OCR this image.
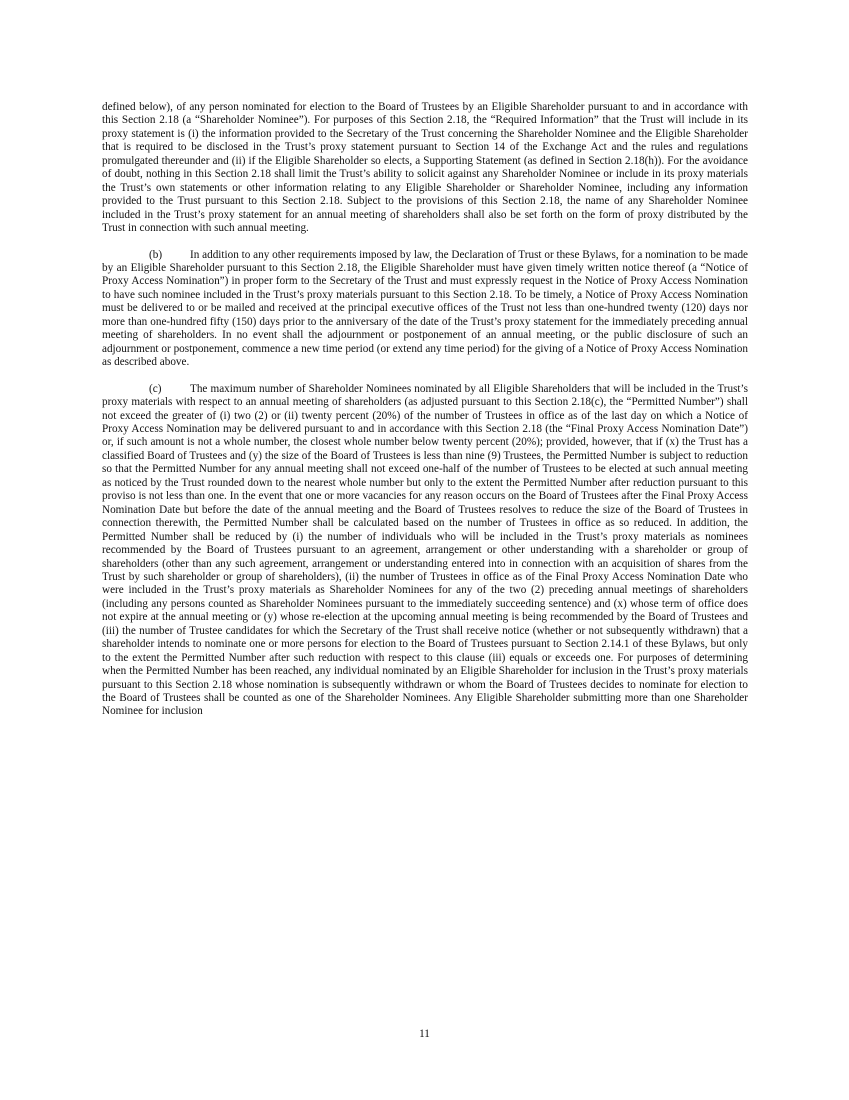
defined below), of any person nominated for election to the Board of Trustees by an Eligible Shareholder pursuant to and in accordance with this Section 2.18 (a “Shareholder Nominee”). For purposes of this Section 2.18, the “Required Information” that the Trust will include in its proxy statement is (i) the information provided to the Secretary of the Trust concerning the Shareholder Nominee and the Eligible Shareholder that is required to be disclosed in the Trust’s proxy statement pursuant to Section 14 of the Exchange Act and the rules and regulations promulgated thereunder and (ii) if the Eligible Shareholder so elects, a Supporting Statement (as defined in Section 2.18(h)). For the avoidance of doubt, nothing in this Section 2.18 shall limit the Trust’s ability to solicit against any Shareholder Nominee or include in its proxy materials the Trust’s own statements or other information relating to any Eligible Shareholder or Shareholder Nominee, including any information provided to the Trust pursuant to this Section 2.18. Subject to the provisions of this Section 2.18, the name of any Shareholder Nominee included in the Trust’s proxy statement for an annual meeting of shareholders shall also be set forth on the form of proxy distributed by the Trust in connection with such annual meeting.

(b) In addition to any other requirements imposed by law, the Declaration of Trust or these Bylaws, for a nomination to be made by an Eligible Shareholder pursuant to this Section 2.18, the Eligible Shareholder must have given timely written notice thereof (a “Notice of Proxy Access Nomination”) in proper form to the Secretary of the Trust and must expressly request in the Notice of Proxy Access Nomination to have such nominee included in the Trust’s proxy materials pursuant to this Section 2.18. To be timely, a Notice of Proxy Access Nomination must be delivered to or be mailed and received at the principal executive offices of the Trust not less than one-hundred twenty (120) days nor more than one-hundred fifty (150) days prior to the anniversary of the date of the Trust’s proxy statement for the immediately preceding annual meeting of shareholders. In no event shall the adjournment or postponement of an annual meeting, or the public disclosure of such an adjournment or postponement, commence a new time period (or extend any time period) for the giving of a Notice of Proxy Access Nomination as described above.

(c)	The maximum number of Shareholder Nominees nominated by all Eligible Shareholders that will be included in the Trust’s proxy materials with respect to an annual meeting of shareholders (as adjusted pursuant to this Section 2.18(c), the “Permitted Number”) shall not exceed the greater of (i) two (2) or (ii) twenty percent (20%) of the number of Trustees in office as of the last day on which a Notice of Proxy Access Nomination may be delivered pursuant to and in accordance with this Section 2.18 (the “Final Proxy Access Nomination Date”) or, if such amount is not a whole number, the closest whole number below twenty percent (20%); provided, however, that if (x) the Trust has a classified Board of Trustees and (y) the size of the Board of Trustees is less than nine (9) Trustees, the Permitted Number is subject to reduction so that the Permitted Number for any annual meeting shall not exceed one-half of the number of Trustees to be elected at such annual meeting as noticed by the Trust rounded down to the nearest whole number but only to the extent the Permitted Number after reduction pursuant to this proviso is not less than one. In the event that one or more vacancies for any reason occurs on the Board of Trustees after the Final Proxy Access Nomination Date but before the date of the annual meeting and the Board of Trustees resolves to reduce the size of the Board of Trustees in connection therewith, the Permitted Number shall be calculated based on the number of Trustees in office as so reduced. In addition, the Permitted Number shall be reduced by (i) the number of individuals who will be included in the Trust’s proxy materials as nominees recommended by the Board of Trustees pursuant to an agreement, arrangement or other understanding with a shareholder or group of shareholders (other than any such agreement, arrangement or understanding entered into in connection with an acquisition of shares from the Trust by such shareholder or group of shareholders), (ii) the number of Trustees in office as of the Final Proxy Access Nomination Date who were included in the Trust’s proxy materials as Shareholder Nominees for any of the two (2) preceding annual meetings of shareholders (including any persons counted as Shareholder Nominees pursuant to the immediately succeeding sentence) and (x) whose term of office does not expire at the annual meeting or (y) whose re-election at the upcoming annual meeting is being recommended by the Board of Trustees and (iii) the number of Trustee candidates for which the Secretary of the Trust shall receive notice (whether or not subsequently withdrawn) that a shareholder intends to nominate one or more persons for election to the Board of Trustees pursuant to Section 2.14.1 of these Bylaws, but only to the extent the Permitted Number after such reduction with respect to this clause (iii) equals or exceeds one. For purposes of determining when the Permitted Number has been reached, any individual nominated by an Eligible Shareholder for inclusion in the Trust’s proxy materials pursuant to this Section 2.18 whose nomination is subsequently withdrawn or whom the Board of Trustees decides to nominate for election to the Board of Trustees shall be counted as one of the Shareholder Nominees. Any Eligible Shareholder submitting more than one Shareholder Nominee for inclusion

11
